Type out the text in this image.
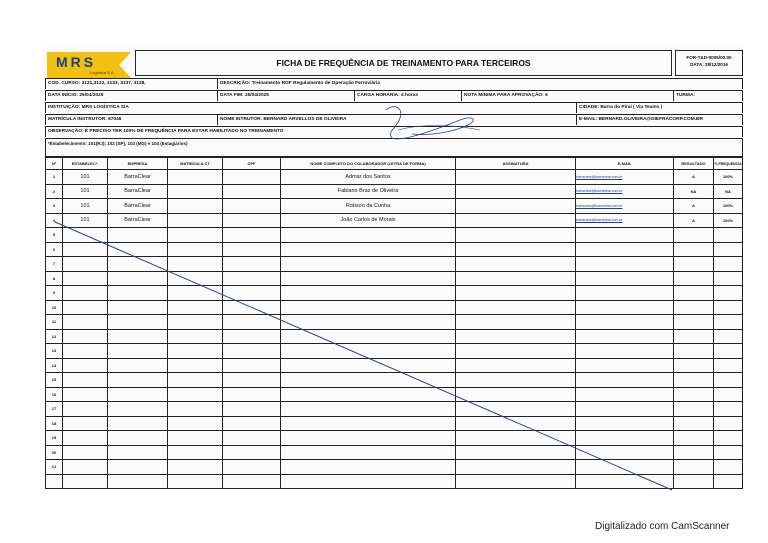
MRS
Logística S.A.
FICHA DE FREQUÊNCIA DE TREINAMENTO PARA TERCEIROS
FOR-T&D-0005/00.00
DATA: 28/12/2016
COD. CURSO: 3131,3132, 3133, 3137, 3138,	DESCRIÇÃO: Treinamento ROF Regulamento de Operação Ferroviária
DATA INÍCIO: 25/04/2025	DATA FIM: 25/04/2025	CARGA HORÁRIA: 4 horas	NOTA MÍNIMA PARA APROVAÇÃO: 6	TURMA:
INSTITUIÇÃO: MRS LOGÍSTICA S/A	CIDADE: Barra do Piraí ( Via Teams )
MATRÍCULA INSTRUTOR: 87046	NOME INTRUTOR: BERNARD ARVELLOS DE OLIVEIRA	E-MAIL: BERNARD.OLIVEIRA@DIEFRACORP.COM.BR
OBSERVAÇÃO: É PRECISO TER 100% DE FREQUÊNCIA PARA ESTAR HABILITADO NO TREINAMENTO
*Estabelecimento: 101(RJ); 102 (SP), 103 (MG) e 104 (Estagiários)
Nº	ESTABELEC*.	EMPRESA	MATRÍCULA CT	CPF	NOME COMPLETO DO COLABORADOR (LETRA DE FORMA)	ASSINATURA	E-MAIL	RESULTADO	% FREQUENCIA
1	101	BarraClear			Admar dos Santos		barraclear@barraclear.com.br	A	100%
2	101	BarraClear			Fabiano Braz de Oliveira		barraclear@barraclear.com.br	NA	NA
3	101	BarraClear			Robson da Cunha		barraclear@barraclear.com.br	A	100%
4	101	BarraClear			João Carlos de Morais		barraclear@barraclear.com.br	A	100%
5									
6									
7									
8									
9									
10									
11									
12									
13									
14									
15									
16									
17									
18									
19									
20									
21									

Digitalizado com CamScanner
